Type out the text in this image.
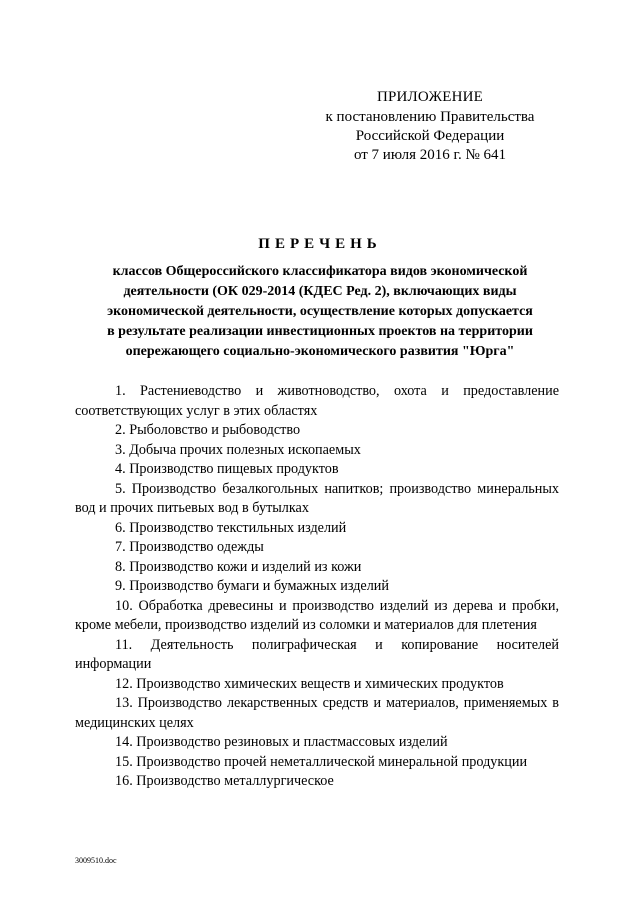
ПРИЛОЖЕНИЕ
к постановлению Правительства
Российской Федерации
от 7 июля 2016 г. № 641
ПЕРЕЧЕНЬ
классов Общероссийского классификатора видов экономической
деятельности (ОК 029-2014 (КДЕС Ред. 2), включающих виды
экономической деятельности, осуществление которых допускается
в результате реализации инвестиционных проектов на территории
опережающего социально-экономического развития "Юрга"

1. Растениеводство и животноводство, охота и предоставление соответствующих услуг в этих областях

2. Рыболовство и рыбоводство

3. Добыча прочих полезных ископаемых

4. Производство пищевых продуктов

5. Производство безалкогольных напитков; производство минеральных вод и прочих питьевых вод в бутылках

6. Производство текстильных изделий

7. Производство одежды

8. Производство кожи и изделий из кожи

9. Производство бумаги и бумажных изделий

10. Обработка древесины и производство изделий из дерева и пробки, кроме мебели, производство изделий из соломки и материалов для плетения

11. Деятельность полиграфическая и копирование носителей информации

12. Производство химических веществ и химических продуктов

13. Производство лекарственных средств и материалов, применяемых в медицинских целях

14. Производство резиновых и пластмассовых изделий

15. Производство прочей неметаллической минеральной продукции

16. Производство металлургическое

3009510.doc
